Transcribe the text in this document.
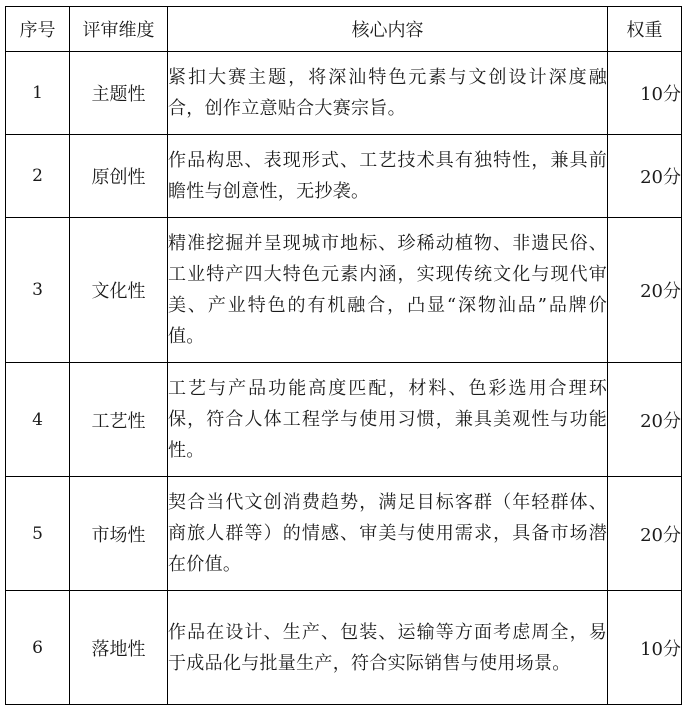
序号	评审维度	核心内容	权重
1	主题性	紧扣大赛主题，将深汕特色元素与文创设计深度融合，创作立意贴合大赛宗旨。	10分
2	原创性	作品构思、表现形式、工艺技术具有独特性，兼具前瞻性与创意性，无抄袭。	20分
3	文化性	精准挖掘并呈现城市地标、珍稀动植物、非遗民俗、工业特产四大特色元素内涵，实现传统文化与现代审美、产业特色的有机融合，凸显“深物汕品”品牌价值。	20分
4	工艺性	工艺与产品功能高度匹配，材料、色彩选用合理环保，符合人体工程学与使用习惯，兼具美观性与功能性。	20分
5	市场性	契合当代文创消费趋势，满足目标客群（年轻群体、商旅人群等）的情感、审美与使用需求，具备市场潜在价值。	20分
6	落地性	作品在设计、生产、包装、运输等方面考虑周全，易于成品化与批量生产，符合实际销售与使用场景。	10分
